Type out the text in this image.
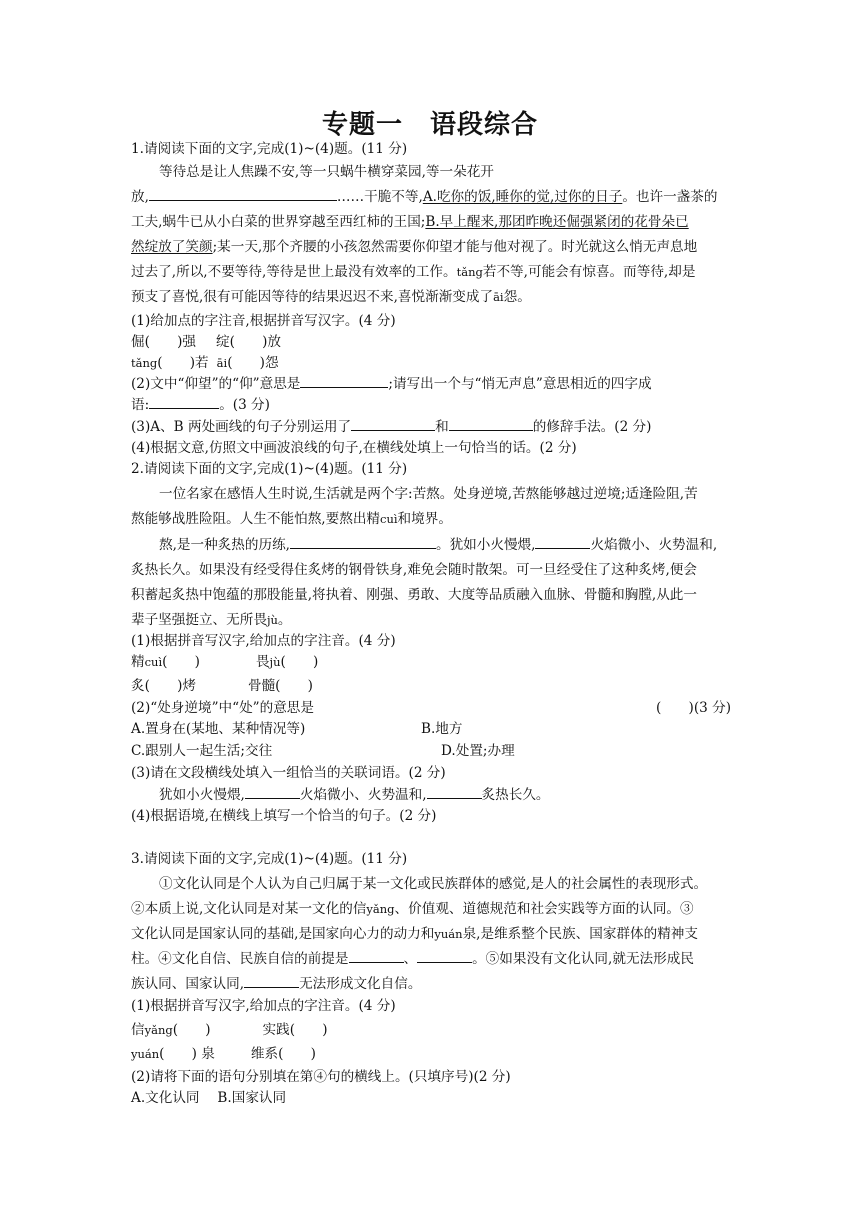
专题一　语段综合
1.请阅读下面的文字,完成(1)~(4)题。(11 分)
等待总是让人焦躁不安,等一只蜗牛横穿菜园,等一朵花开
放,	……干脆不等,A.吃你的饭,睡你的觉,过你的日子。也许一盏茶的
工夫,蜗牛已从小白菜的世界穿越至西红柿的王国;B.早上醒来,那团昨晚还倔强紧闭的花骨朵已
然绽放了笑颜;某一天,那个齐腰的小孩忽然需要你仰望才能与他对视了。时光就这么悄无声息地
过去了,所以,不要等待,等待是世上最没有效率的工作。tǎng若不等,可能会有惊喜。而等待,却是
预支了喜悦,很有可能因等待的结果迟迟不来,喜悦渐渐变成了āi怨。
(1)给加点的字注音,根据拼音写汉字。(4 分)
倔(　　)强 绽(　　)放
tǎng(　　)若 āi(　　)怨
(2)文中“仰望”的“仰”意思是	;请写出一个与“悄无声息”意思相近的四字成
语:	。(3 分)
(3)A、B 两处画线的句子分别运用了	和	的修辞手法。(2 分)
(4)根据文意,仿照文中画波浪线的句子,在横线处填上一句恰当的话。(2 分)
2.请阅读下面的文字,完成(1)~(4)题。(11 分)
一位名家在感悟人生时说,生活就是两个字:苦熬。处身逆境,苦熬能够越过逆境;适逢险阻,苦
熬能够战胜险阻。人生不能怕熬,要熬出精cuì和境界。
熬,是一种炙热的历练,	。犹如小火慢煨,	火焰微小、火势温和,
炙热长久。如果没有经受得住炙烤的钢骨铁身,难免会随时散架。可一旦经受住了这种炙烤,便会
积蓄起炙热中饱蕴的那股能量,将执着、刚强、勇敢、大度等品质融入血脉、骨髓和胸膛,从此一
辈子坚强挺立、无所畏jù。
(1)根据拼音写汉字,给加点的字注音。(4 分)
精cuì(　　)	畏jù(　　)
炙(　　)烤	骨髓(　　)
(2)“处身逆境”中“处”的意思是	(　　)(3 分)
A.置身在(某地、某种情况等)	B.地方
C.跟别人一起生活;交往	D.处置;办理
(3)请在文段横线处填入一组恰当的关联词语。(2 分)
犹如小火慢煨,	火焰微小、火势温和,	炙热长久。
(4)根据语境,在横线上填写一个恰当的句子。(2 分)
3.请阅读下面的文字,完成(1)~(4)题。(11 分)
①文化认同是个人认为自己归属于某一文化或民族群体的感觉,是人的社会属性的表现形式。
②本质上说,文化认同是对某一文化的信yǎng、价值观、道德规范和社会实践等方面的认同。③
文化认同是国家认同的基础,是国家向心力的动力和yuán泉,是维系整个民族、国家群体的精神支
柱。④文化自信、民族自信的前提是	、	。⑤如果没有文化认同,就无法形成民
族认同、国家认同,	无法形成文化自信。
(1)根据拼音写汉字,给加点的字注音。(4 分)
信yǎng(　　)	实践(　　)
yuán(　　) 泉	维系(　　)
(2)请将下面的语句分别填在第④句的横线上。(只填序号)(2 分)
A.文化认同　 B.国家认同
